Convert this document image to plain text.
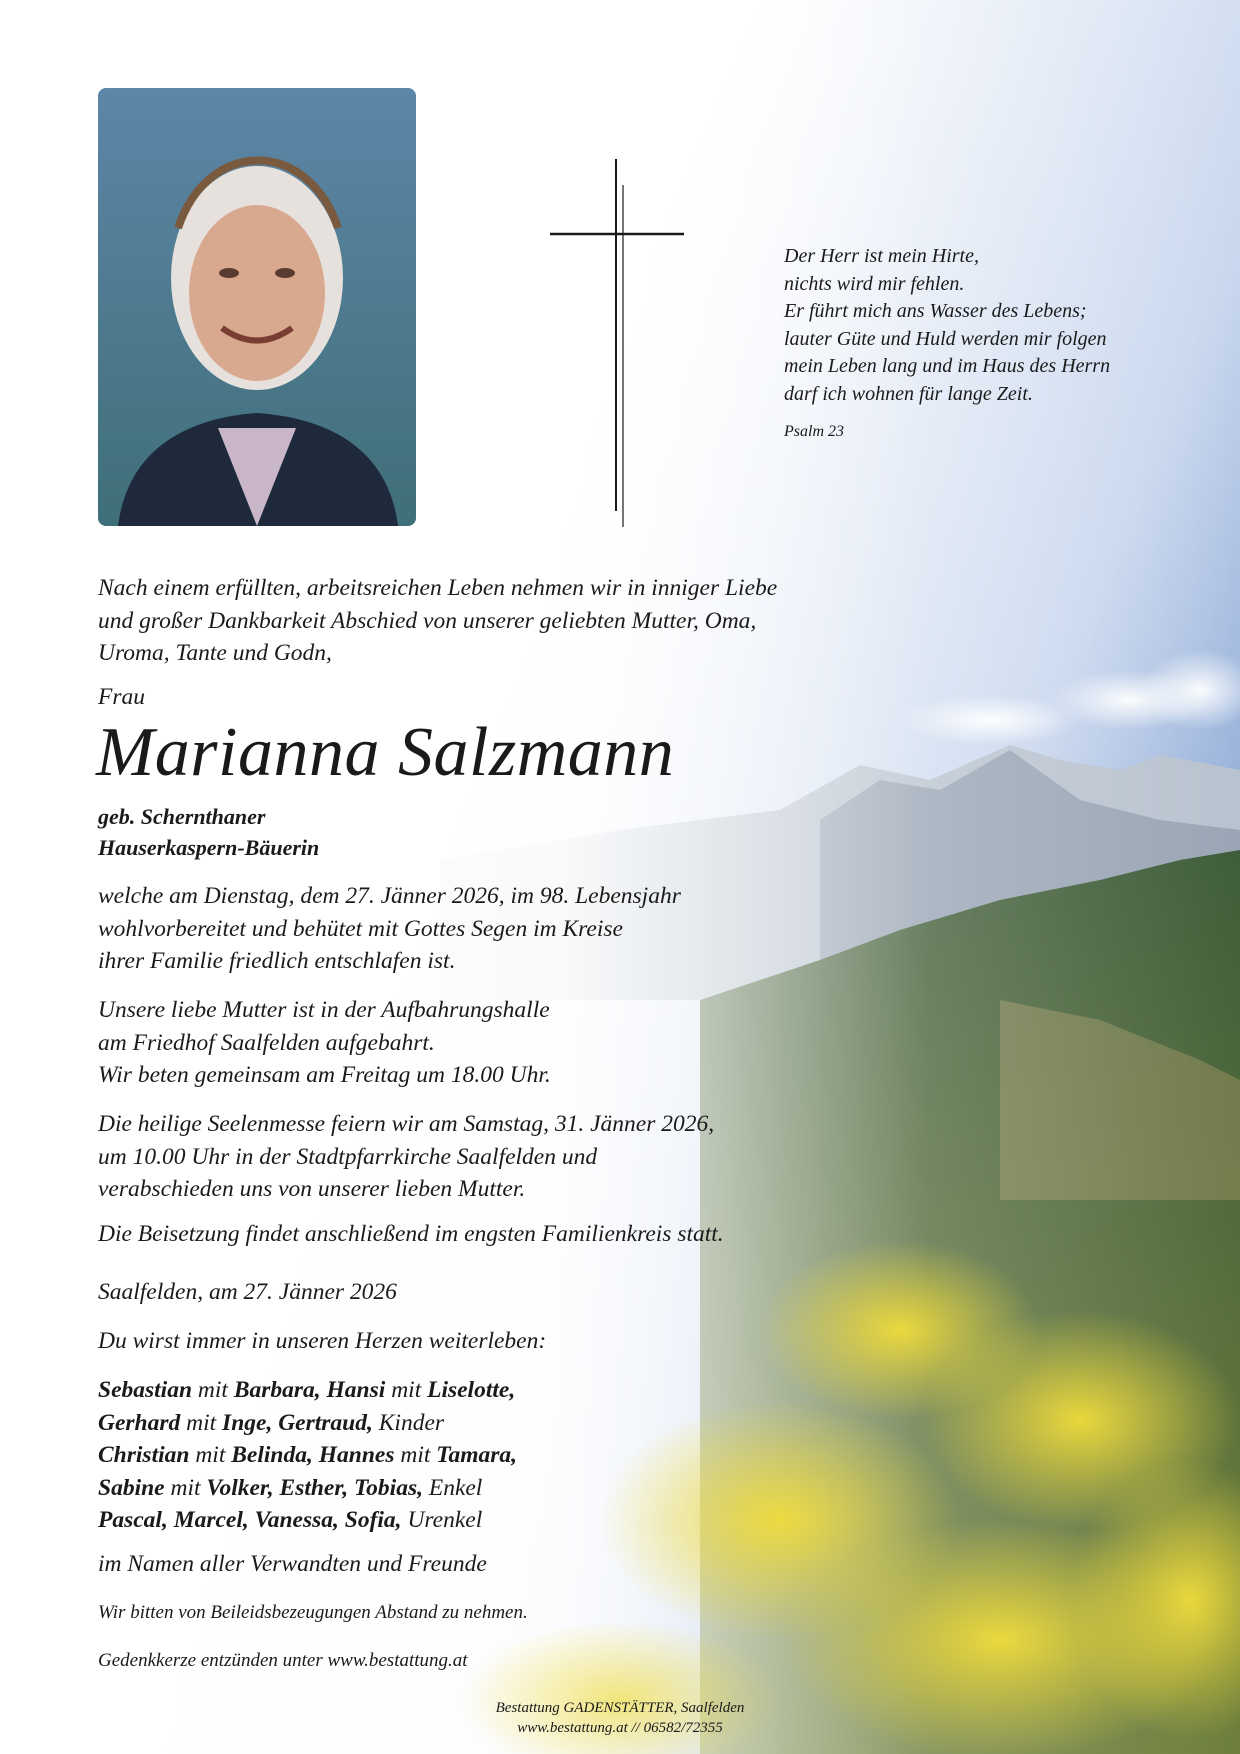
Der Herr ist mein Hirte,
nichts wird mir fehlen.
Er führt mich ans Wasser des Lebens;
lauter Güte und Huld werden mir folgen
mein Leben lang und im Haus des Herrn
darf ich wohnen für lange Zeit.
Psalm 23
Nach einem erfüllten, arbeitsreichen Leben nehmen wir in inniger Liebe
und großer Dankbarkeit Abschied von unserer geliebten Mutter, Oma,
Uroma, Tante und Godn,
Frau
Marianna Salzmann
geb. Schernthaner
Hauserkaspern-Bäuerin
welche am Dienstag, dem 27. Jänner 2026, im 98. Lebensjahr
wohlvorbereitet und behütet mit Gottes Segen im Kreise
ihrer Familie friedlich entschlafen ist.
Unsere liebe Mutter ist in der Aufbahrungshalle
am Friedhof Saalfelden aufgebahrt.
Wir beten gemeinsam am Freitag um 18.00 Uhr.
Die heilige Seelenmesse feiern wir am Samstag, 31. Jänner 2026,
um 10.00 Uhr in der Stadtpfarrkirche Saalfelden und
verabschieden uns von unserer lieben Mutter.
Die Beisetzung findet anschließend im engsten Familienkreis statt.
Saalfelden, am 27. Jänner 2026
Du wirst immer in unseren Herzen weiterleben:
Sebastian mit Barbara, Hansi mit Liselotte,
Gerhard mit Inge, Gertraud, Kinder
Christian mit Belinda, Hannes mit Tamara,
Sabine mit Volker, Esther, Tobias, Enkel
Pascal, Marcel, Vanessa, Sofia, Urenkel
im Namen aller Verwandten und Freunde
Wir bitten von Beileidsbezeugungen Abstand zu nehmen.
Gedenkkerze entzünden unter www.bestattung.at
Bestattung GADENSTÄTTER, Saalfelden
www.bestattung.at // 06582/72355
